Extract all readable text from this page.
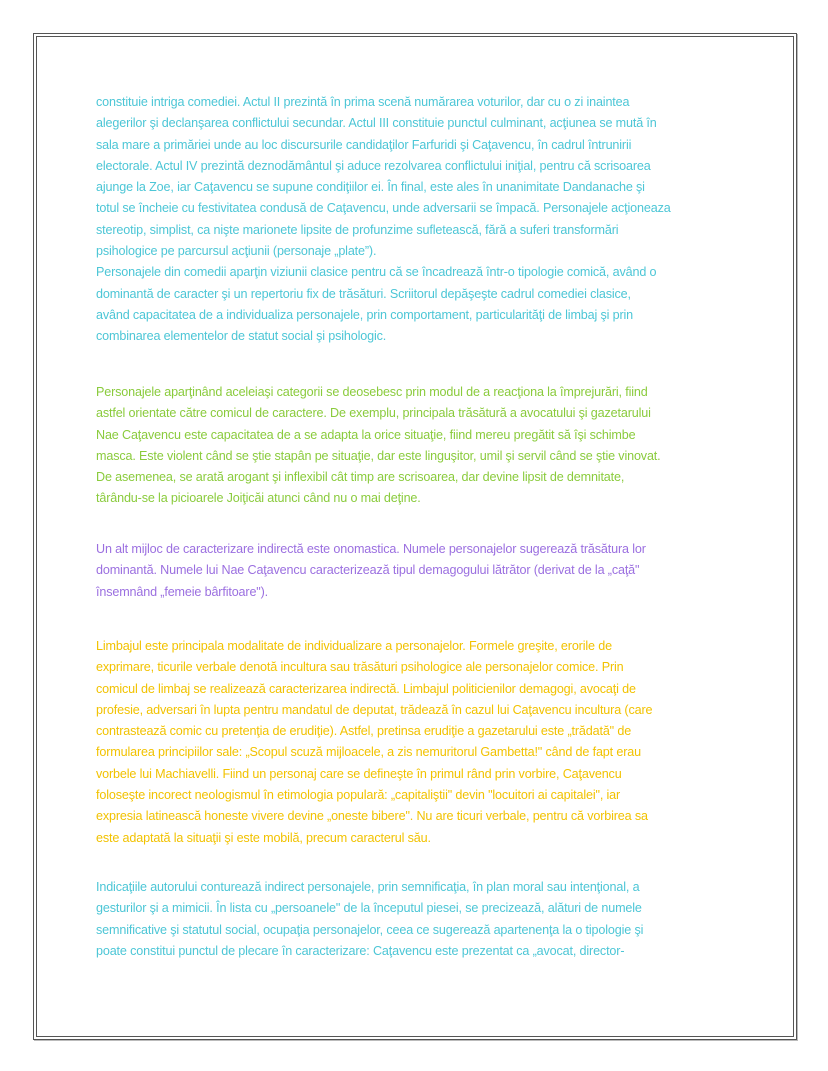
constituie intriga comediei. Actul II prezintă în prima scenă numărarea voturilor, dar cu o zi inaintea
alegerilor şi declanşarea conflictului secundar. Actul III constituie punctul culminant, acţiunea se mută în
sala mare a primăriei unde au loc discursurile candidaţilor Farfuridi şi Caţavencu, în cadrul întrunirii
electorale. Actul IV prezintă deznodământul şi aduce rezolvarea conflictului iniţial, pentru că scrisoarea
ajunge la Zoe, iar Caţavencu se supune condiţiilor ei. În final, este ales în unanimitate Dandanache şi
totul se încheie cu festivitatea condusă de Caţavencu, unde adversarii se împacă. Personajele acţioneaza
stereotip, simplist, ca nişte marionete lipsite de profunzime sufletească, fără a suferi transformări
psihologice pe parcursul acţiunii (personaje „plate”).
Personajele din comedii aparţin viziunii clasice pentru că se încadrează într-o tipologie comică, având o
dominantă de caracter şi un repertoriu fix de trăsături. Scriitorul depăşeşte cadrul comediei clasice,
având capacitatea de a individualiza personajele, prin comportament, particularităţi de limbaj şi prin
combinarea elementelor de statut social şi psihologic.
Personajele aparţinând aceleiaşi categorii se deosebesc prin modul de a reacţiona la împrejurări, fiind
astfel orientate către comicul de caractere. De exemplu, principala trăsătură a avocatului şi gazetarului
Nae Caţavencu este capacitatea de a se adapta la orice situaţie, fiind mereu pregătit să îşi schimbe
masca. Este violent când se ştie stapân pe situaţie, dar este linguşitor, umil şi servil când se ştie vinovat.
De asemenea, se arată arogant şi inflexibil cât timp are scrisoarea, dar devine lipsit de demnitate,
târându-se la picioarele Joiţicăi atunci când nu o mai deţine.
Un alt mijloc de caracterizare indirectă este onomastica. Numele personajelor sugerează trăsătura lor
dominantă. Numele lui Nae Caţavencu caracterizează tipul demagogului lătrător (derivat de la „caţă"
însemnând „femeie bârfitoare").
Limbajul este principala modalitate de individualizare a personajelor. Formele greşite, erorile de
exprimare, ticurile verbale denotă incultura sau trăsături psihologice ale personajelor comice. Prin
comicul de limbaj se realizează caracterizarea indirectă. Limbajul politicienilor demagogi, avocaţi de
profesie, adversari în lupta pentru mandatul de deputat, trădează în cazul lui Caţavencu incultura (care
contrastează comic cu pretenţia de erudiţie). Astfel, pretinsa erudiţie a gazetarului este „trădată" de
formularea principiilor sale: „Scopul scuză mijloacele, a zis nemuritorul Gambetta!" când de fapt erau
vorbele lui Machiavelli. Fiind un personaj care se defineşte în primul rând prin vorbire, Caţavencu
foloseşte incorect neologismul în etimologia populară: „capitaliştii" devin "locuitori ai capitalei", iar
expresia latinească honeste vivere devine „oneste bibere". Nu are ticuri verbale, pentru că vorbirea sa
este adaptată la situaţii şi este mobilă, precum caracterul său.
Indicaţiile autorului conturează indirect personajele, prin semnificaţia, în plan moral sau intenţional, a
gesturilor şi a mimicii. În lista cu „persoanele" de la începutul piesei, se precizează, alături de numele
semnificative şi statutul social, ocupaţia personajelor, ceea ce sugerează apartenenţa la o tipologie şi
poate constitui punctul de plecare în caracterizare: Caţavencu este prezentat ca „avocat, director-
